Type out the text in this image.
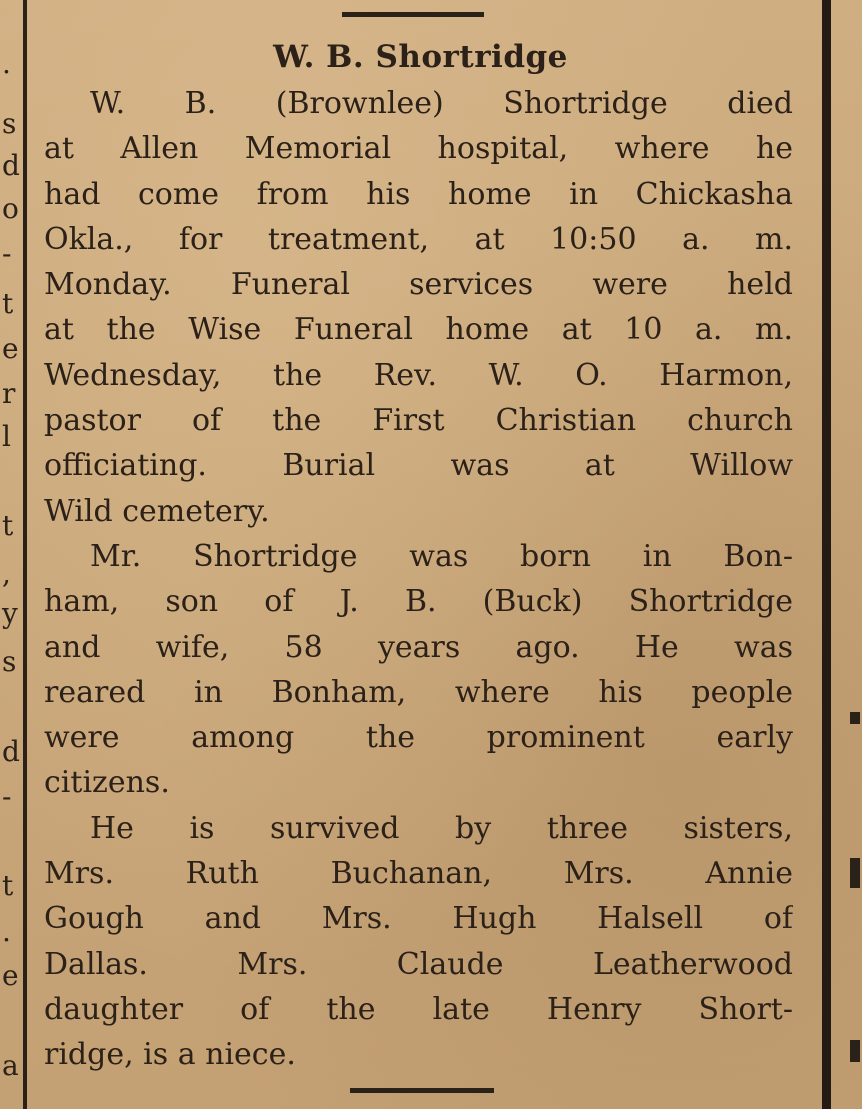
.
s
d
o
-
t
e
r
l
t
,
y
s
d
-
t
.
e
a
W. B. Shortridge

W. B. (Brownlee) Shortridge died
at Allen Memorial hospital, where he
had come from his home in Chickasha
Okla., for treatment, at 10:50 a. m.
Monday. Funeral services were held
at the Wise Funeral home at 10 a. m.
Wednesday, the Rev. W. O. Harmon,
pastor of the First Christian church
officiating. Burial was at Willow
Wild cemetery.

Mr. Shortridge was born in Bon-
ham, son of J. B. (Buck) Shortridge
and wife, 58 years ago. He was
reared in Bonham, where his people
were among the prominent early
citizens.

He is survived by three sisters,
Mrs. Ruth Buchanan, Mrs. Annie
Gough and Mrs. Hugh Halsell of
Dallas. Mrs. Claude Leatherwood
daughter of the late Henry Short-
ridge, is a niece.
